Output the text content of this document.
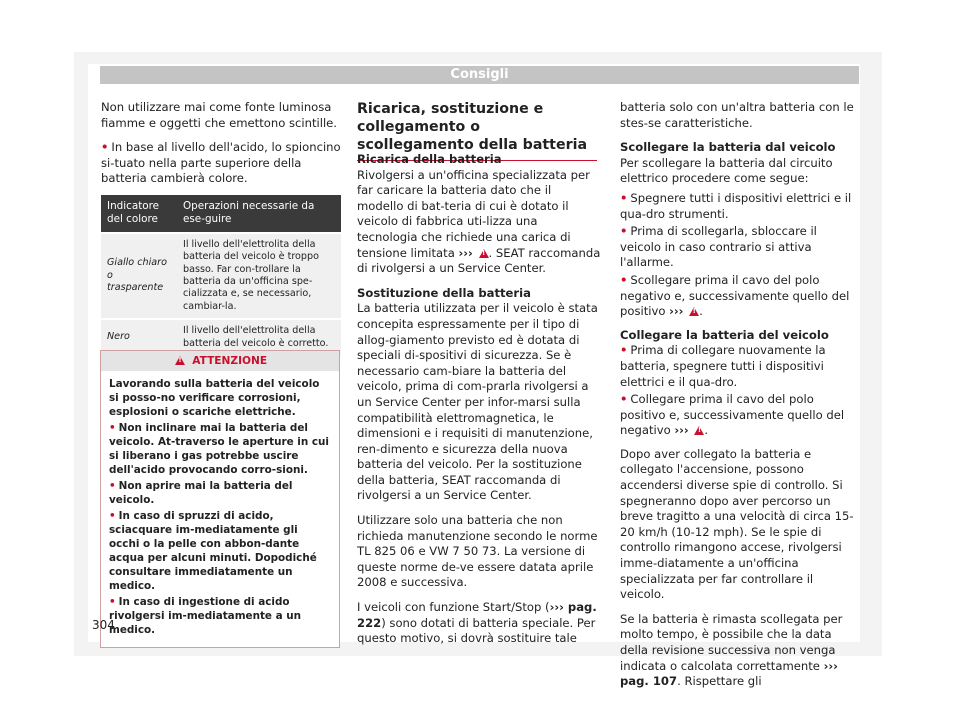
Consigli

Non utilizzare mai come fonte luminosa fiamme e oggetti che emettono scintille.

• In base al livello dell'acido, lo spioncino si-tuato nella parte superiore della batteria cambierà colore.
Indicatore del colore	Operazioni necessarie da ese-guire
Giallo chiaro o trasparente	Il livello dell'elettrolita della batteria del veicolo è troppo basso. Far con-trollare la batteria da un'officina spe-cializzata e, se necessario, cambiar-la.
Nero	Il livello dell'elettrolita della batteria del veicolo è corretto.
!  ATTENZIONE
Lavorando sulla batteria del veicolo si posso-no verificare corrosioni, esplosioni o scariche elettriche.
• Non inclinare mai la batteria del veicolo. At-traverso le aperture in cui si liberano i gas potrebbe uscire dell'acido provocando corro-sioni.
• Non aprire mai la batteria del veicolo.
• In caso di spruzzi di acido, sciacquare im-mediatamente gli occhi o la pelle con abbon-dante acqua per alcuni minuti. Dopodiché consultare immediatamente un medico.
• In caso di ingestione di acido rivolgersi im-mediatamente a un medico.
Ricarica, sostituzione e collegamento o scollegamento della batteria
Ricarica della batteria

Rivolgersi a un'officina specializzata per far caricare la batteria dato che il modello di bat-teria di cui è dotato il veicolo di fabbrica uti-lizza una tecnologia che richiede una carica di tensione limitata ››› ! . SEAT raccomanda di rivolgersi a un Service Center.

Sostituzione della batteria

La batteria utilizzata per il veicolo è stata concepita espressamente per il tipo di allog-giamento previsto ed è dotata di speciali di-spositivi di sicurezza. Se è necessario cam-biare la batteria del veicolo, prima di com-prarla rivolgersi a un Service Center per infor-marsi sulla compatibilità elettromagnetica, le dimensioni e i requisiti di manutenzione, ren-dimento e sicurezza della nuova batteria del veicolo. Per la sostituzione della batteria, SEAT raccomanda di rivolgersi a un Service Center.

Utilizzare solo una batteria che non richieda manutenzione secondo le norme TL 825 06 e VW 7 50 73. La versione di queste norme de-ve essere datata aprile 2008 e successiva.

I veicoli con funzione Start/Stop (››› pag. 222) sono dotati di batteria speciale. Per questo motivo, si dovrà sostituire tale

batteria solo con un'altra batteria con le stes-se caratteristiche.

Scollegare la batteria dal veicolo

Per scollegare la batteria dal circuito elettrico procedere come segue:

• Spegnere tutti i dispositivi elettrici e il qua-dro strumenti.
• Prima di scollegarla, sbloccare il veicolo in caso contrario si attiva l'allarme.
• Scollegare prima il cavo del polo negativo e, successivamente quello del positivo ››› ! .
Collegare la batteria del veicolo
• Prima di collegare nuovamente la batteria, spegnere tutti i dispositivi elettrici e il qua-dro.
• Collegare prima il cavo del polo positivo e, successivamente quello del negativo ››› ! .

Dopo aver collegato la batteria e collegato l'accensione, possono accendersi diverse spie di controllo. Si spegneranno dopo aver percorso un breve tragitto a una velocità di circa 15-20 km/h (10-12 mph). Se le spie di controllo rimangono accese, rivolgersi imme-diatamente a un'officina specializzata per far controllare il veicolo.

Se la batteria è rimasta scollegata per molto tempo, è possibile che la data della revisione successiva non venga indicata o calcolata correttamente ››› pag. 107. Rispettare gli

304
